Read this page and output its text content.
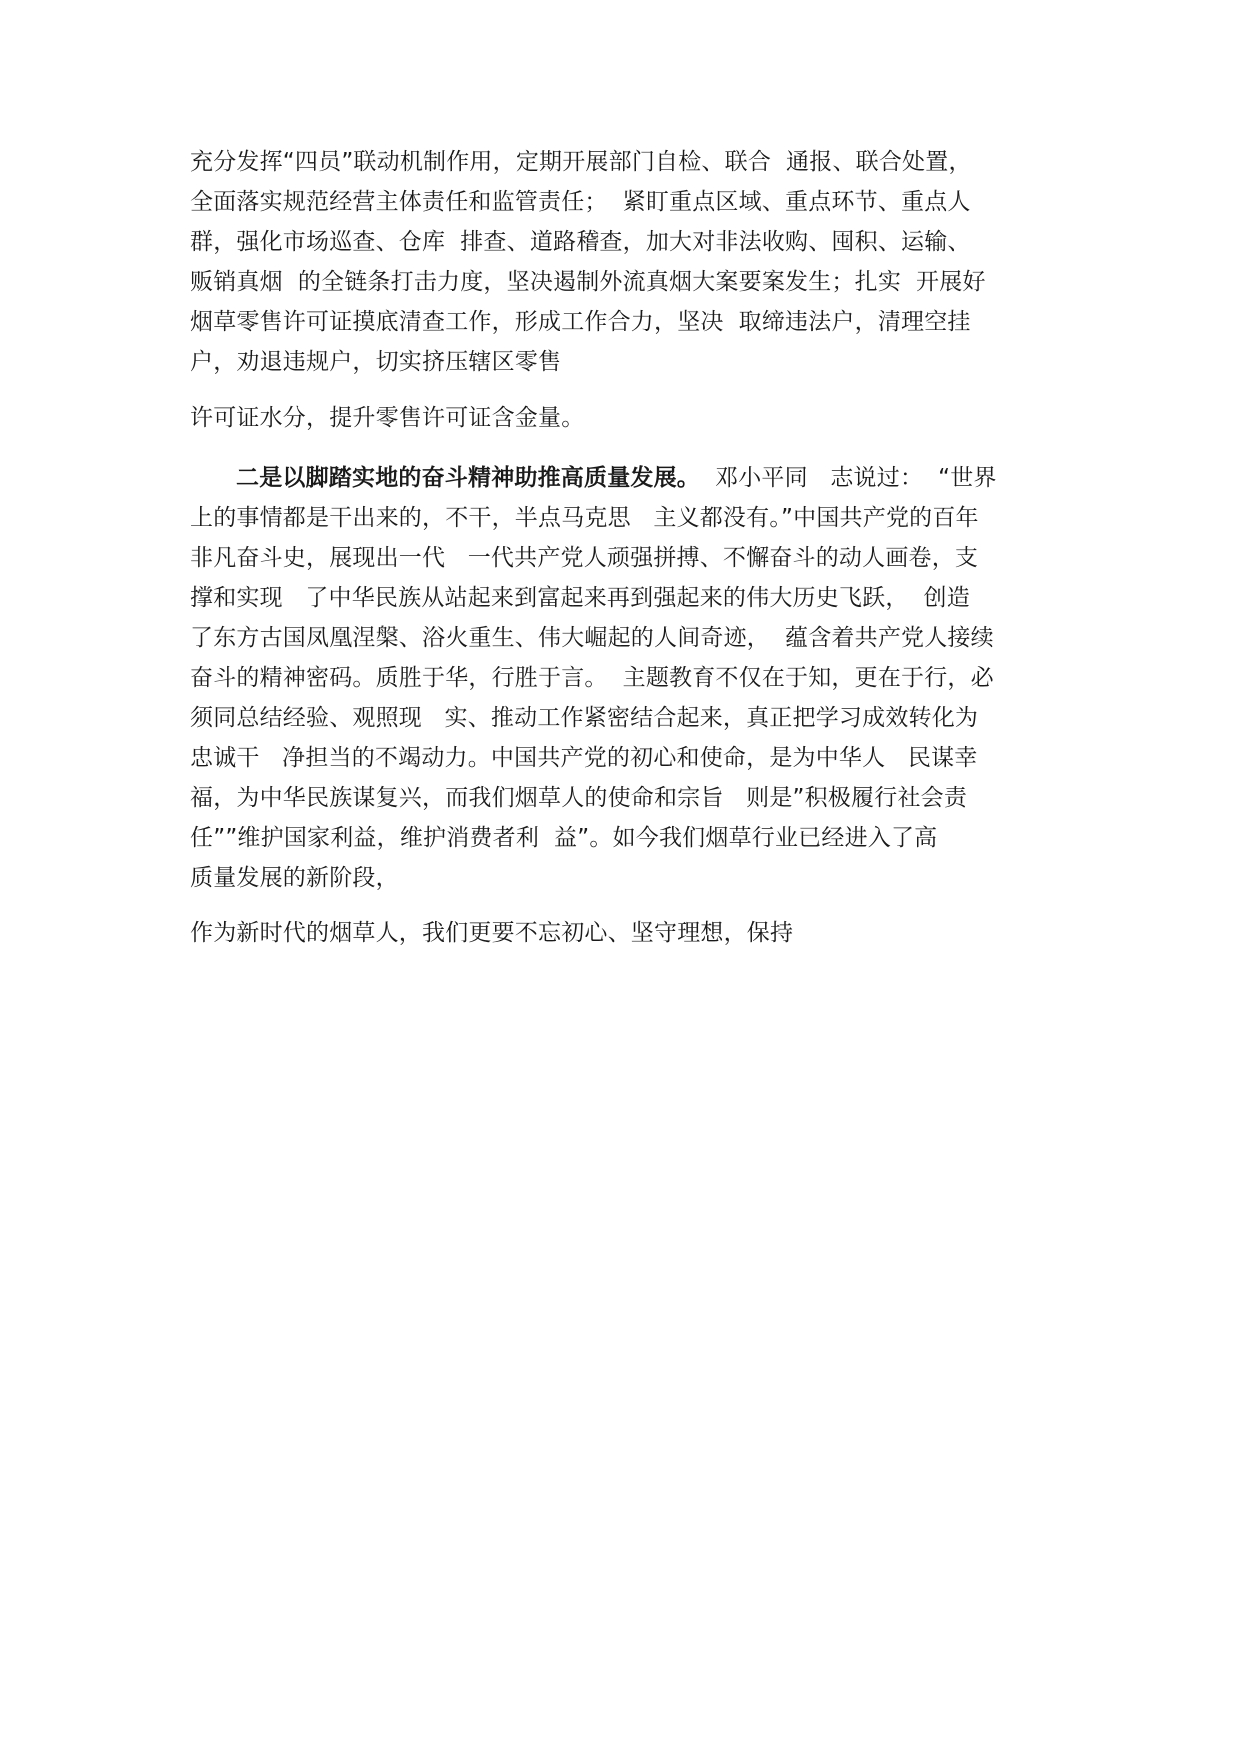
充分发挥“四员”联动机制作用，定期开展部门自检、联合  通报、联合处置，
全面落实规范经营主体责任和监管责任；  紧盯重点区域、重点环节、重点人
群，强化市场巡查、仓库  排查、道路稽查，加大对非法收购、囤积、运输、
贩销真烟  的全链条打击力度，坚决遏制外流真烟大案要案发生；扎实  开展好
烟草零售许可证摸底清查工作，形成工作合力，坚决  取缔违法户，清理空挂
户，劝退违规户，切实挤压辖区零售
许可证水分，提升零售许可证含金量。
二是以脚踏实地的奋斗精神助推高质量发展。  邓小平同   志说过：  “世界
上的事情都是干出来的，不干，半点马克思   主义都没有。”中国共产党的百年
非凡奋斗史，展现出一代   一代共产党人顽强拼搏、不懈奋斗的动人画卷，支
撑和实现   了中华民族从站起来到富起来再到强起来的伟大历史飞跃，  创造
了东方古国凤凰涅槃、浴火重生、伟大崛起的人间奇迹，  蕴含着共产党人接续
奋斗的精神密码。质胜于华，行胜于言。  主题教育不仅在于知，更在于行，必
须同总结经验、观照现   实、推动工作紧密结合起来，真正把学习成效转化为
忠诚干   净担当的不竭动力。中国共产党的初心和使命，是为中华人   民谋幸
福，为中华民族谋复兴，而我们烟草人的使命和宗旨   则是”积极履行社会责
任””维护国家利益，维护消费者利  益”。如今我们烟草行业已经进入了高
质量发展的新阶段，
作为新时代的烟草人，我们更要不忘初心、坚守理想，保持
